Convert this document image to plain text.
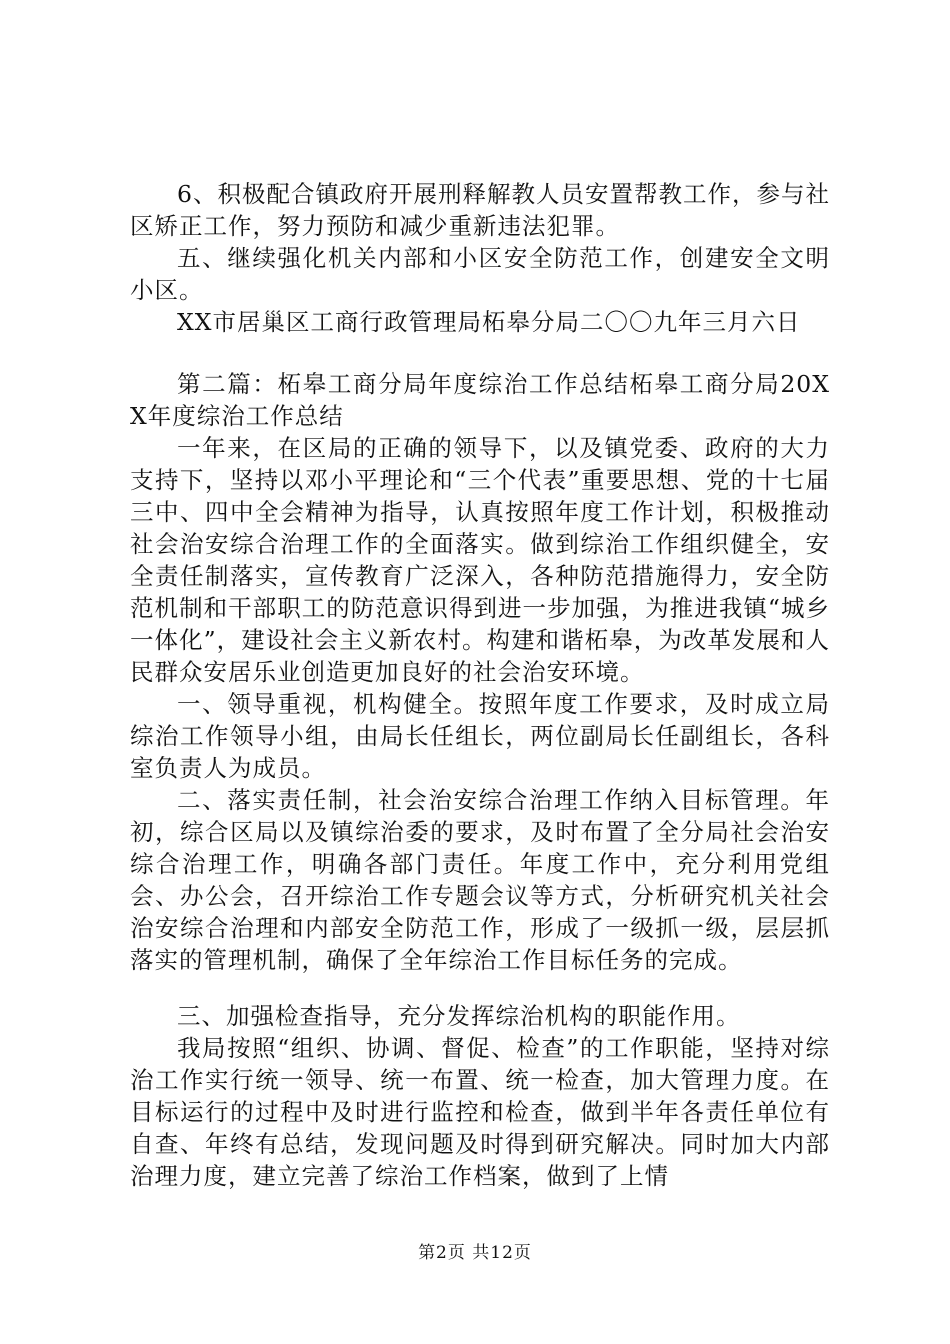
6、积极配合镇政府开展刑释解教人员安置帮教工作，参与社区矫正工作，努力预防和减少重新违法犯罪。

五、继续强化机关内部和小区安全防范工作，创建安全文明小区。

XX市居巢区工商行政管理局柘皋分局二〇〇九年三月六日

第二篇：柘皋工商分局年度综治工作总结柘皋工商分局20XX年度综治工作总结

一年来，在区局的正确的领导下，以及镇党委、政府的大力支持下，坚持以邓小平理论和“三个代表”重要思想、党的十七届三中、四中全会精神为指导，认真按照年度工作计划，积极推动社会治安综合治理工作的全面落实。做到综治工作组织健全，安全责任制落实，宣传教育广泛深入，各种防范措施得力，安全防范机制和干部职工的防范意识得到进一步加强，为推进我镇“城乡一体化”，建设社会主义新农村。构建和谐柘皋，为改革发展和人民群众安居乐业创造更加良好的社会治安环境。

一、领导重视，机构健全。按照年度工作要求，及时成立局综治工作领导小组，由局长任组长，两位副局长任副组长，各科室负责人为成员。

二、落实责任制，社会治安综合治理工作纳入目标管理。年初，综合区局以及镇综治委的要求，及时布置了全分局社会治安综合治理工作，明确各部门责任。年度工作中，充分利用党组会、办公会，召开综治工作专题会议等方式，分析研究机关社会治安综合治理和内部安全防范工作，形成了一级抓一级，层层抓落实的管理机制，确保了全年综治工作目标任务的完成。

三、加强检查指导，充分发挥综治机构的职能作用。

我局按照“组织、协调、督促、检查”的工作职能，坚持对综治工作实行统一领导、统一布置、统一检查，加大管理力度。在目标运行的过程中及时进行监控和检查，做到半年各责任单位有自查、年终有总结，发现问题及时得到研究解决。同时加大内部治理力度，建立完善了综治工作档案，做到了上情

第2页 共12页
